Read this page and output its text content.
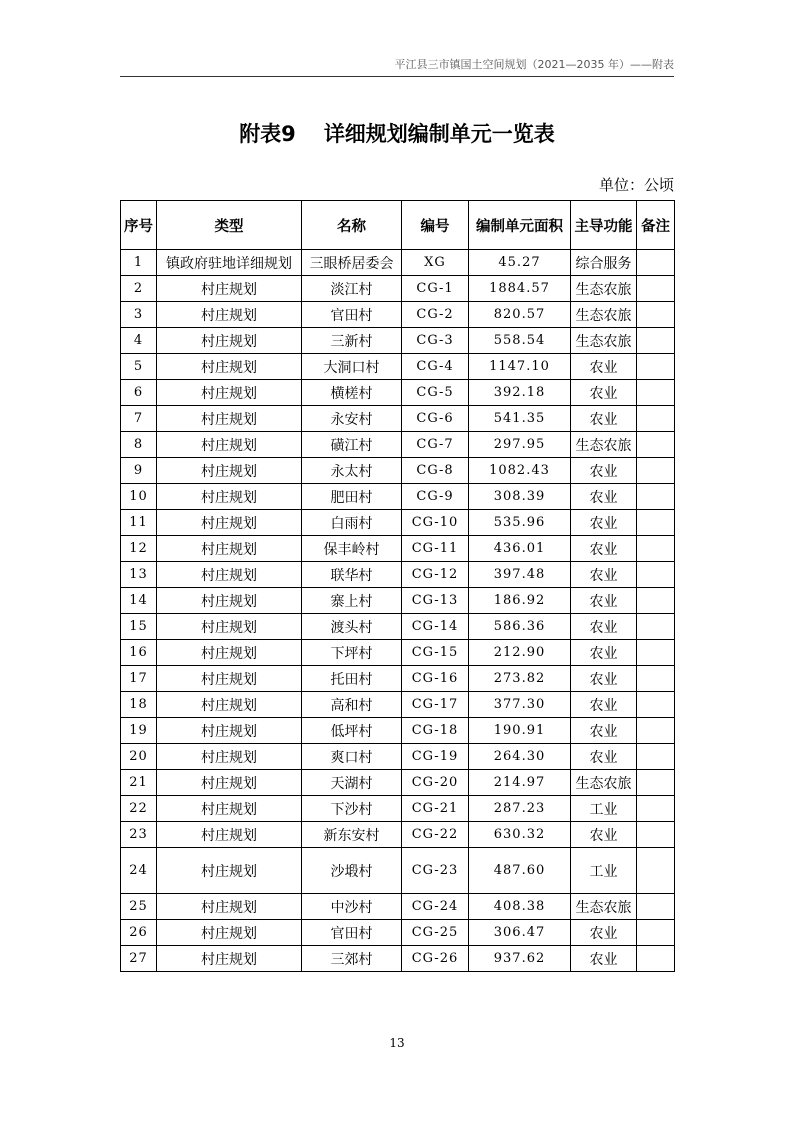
平江县三市镇国土空间规划（2021—2035 年）——附表
附表9 详细规划编制单元一览表
单位：公顷
序号	类型	名称	编号	编制单元面积	主导功能	备注
1	镇政府驻地详细规划	三眼桥居委会	XG	45.27	综合服务	
2	村庄规划	淡江村	CG-1	1884.57	生态农旅	
3	村庄规划	官田村	CG-2	820.57	生态农旅	
4	村庄规划	三新村	CG-3	558.54	生态农旅	
5	村庄规划	大洞口村	CG-4	1147.10	农业	
6	村庄规划	横槎村	CG-5	392.18	农业	
7	村庄规划	永安村	CG-6	541.35	农业	
8	村庄规划	磺江村	CG-7	297.95	生态农旅	
9	村庄规划	永太村	CG-8	1082.43	农业	
10	村庄规划	肥田村	CG-9	308.39	农业	
11	村庄规划	白雨村	CG-10	535.96	农业	
12	村庄规划	保丰岭村	CG-11	436.01	农业	
13	村庄规划	联华村	CG-12	397.48	农业	
14	村庄规划	寨上村	CG-13	186.92	农业	
15	村庄规划	渡头村	CG-14	586.36	农业	
16	村庄规划	下坪村	CG-15	212.90	农业	
17	村庄规划	托田村	CG-16	273.82	农业	
18	村庄规划	高和村	CG-17	377.30	农业	
19	村庄规划	低坪村	CG-18	190.91	农业	
20	村庄规划	爽口村	CG-19	264.30	农业	
21	村庄规划	天湖村	CG-20	214.97	生态农旅	
22	村庄规划	下沙村	CG-21	287.23	工业	
23	村庄规划	新东安村	CG-22	630.32	农业	
24	村庄规划	沙塅村	CG-23	487.60	工业	
25	村庄规划	中沙村	CG-24	408.38	生态农旅	
26	村庄规划	官田村	CG-25	306.47	农业	
27	村庄规划	三郊村	CG-26	937.62	农业	
13
